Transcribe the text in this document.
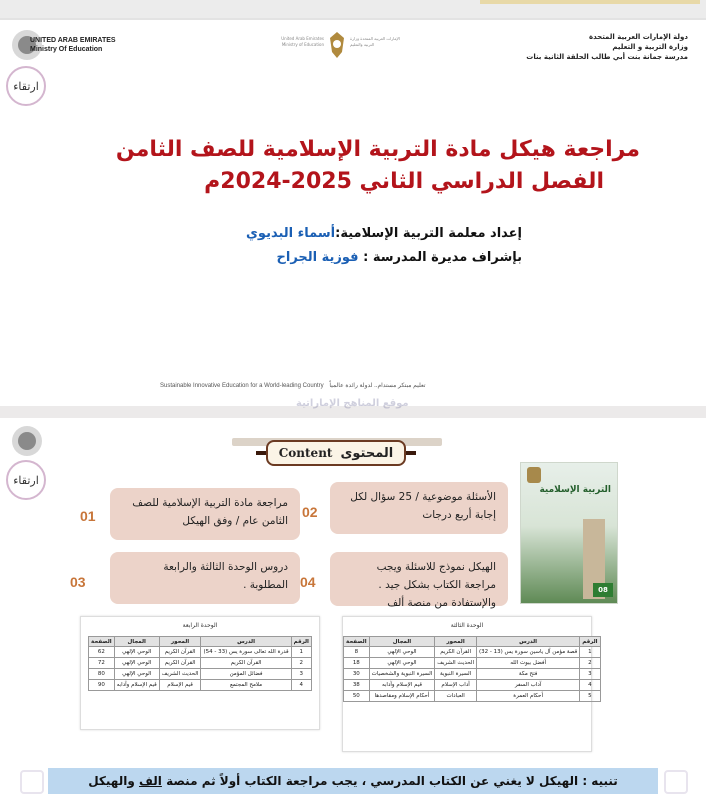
UNITED ARAB EMIRATES
Ministry Of Education
ارتقاء
United Arab Emirates Ministry of Education
الإمارات العربية المتحدة وزارة التربية والتعليم
دولة الإمارات العربية المتحدة
وزارة التربية و التعليم
مدرسة جمانة بنت أبي طالب الحلقة الثانية بنات
مراجعة هيكل مادة التربية الإسلامية للصف الثامن
الفصل الدراسي الثاني 2025-2024م
إعداد معلمة التربية الإسلامية:أسماء البديوي
بإشراف مديرة المدرسة : فوزية الجراح
Sustainable Innovative Education for a World-leading Country تعليم مبتكر مستدام.. لدولة رائدة عالمياً
موقع المناهج الإماراتية
ارتقاء
Content المحتوى
مراجعة مادة التربية الإسلامية للصف الثامن عام / وفق الهيكل
01
الأسئلة موضوعية / 25 سؤال لكل إجابة أربع درجات
02
دروس الوحدة الثالثة والرابعة المطلوبة .
03
الهيكل نموذج للاسئلة ويجب مراجعة الكتاب بشكل جيد . والإستفادة من منصة ألف
04
التربية الإسلامية
08
الوحدة الرابعة
الرقم	الدرس	المحور	المجال	الصفحة
1	قدرة الله تعالى سورة يس (33 - 54)	القرآن الكريم	الوحي الإلهي	62
2	القرآن الكريم	القرآن الكريم	الوحي الإلهي	72
3	فضائل المؤمن	الحديث الشريف	الوحي الإلهي	80
4	ملامح المجتمع	قيم الإسلام	قيم الإسلام وآدابه	90
الوحدة الثالثة
الرقم	الدرس	المحور	المجال	الصفحة
1	قصة مؤمن آل ياسين سورة يس (13 - 32)	القرآن الكريم	الوحي الإلهي	8
2	أفضل بيوت الله	الحديث الشريف	الوحي الإلهي	18
3	فتح مكة	السيرة النبوية	السيرة النبوية والشخصيات	30
4	آداب السفر	آداب الإسلام	قيم الإسلام وآدابه	38
5	أحكام العمرة	العبادات	أحكام الإسلام ومقاصدها	50
تنبيه : الهيكل لا يغني عن الكتاب المدرسي ، يجب مراجعة الكتاب أولاً ثم منصة الف والهيكل
